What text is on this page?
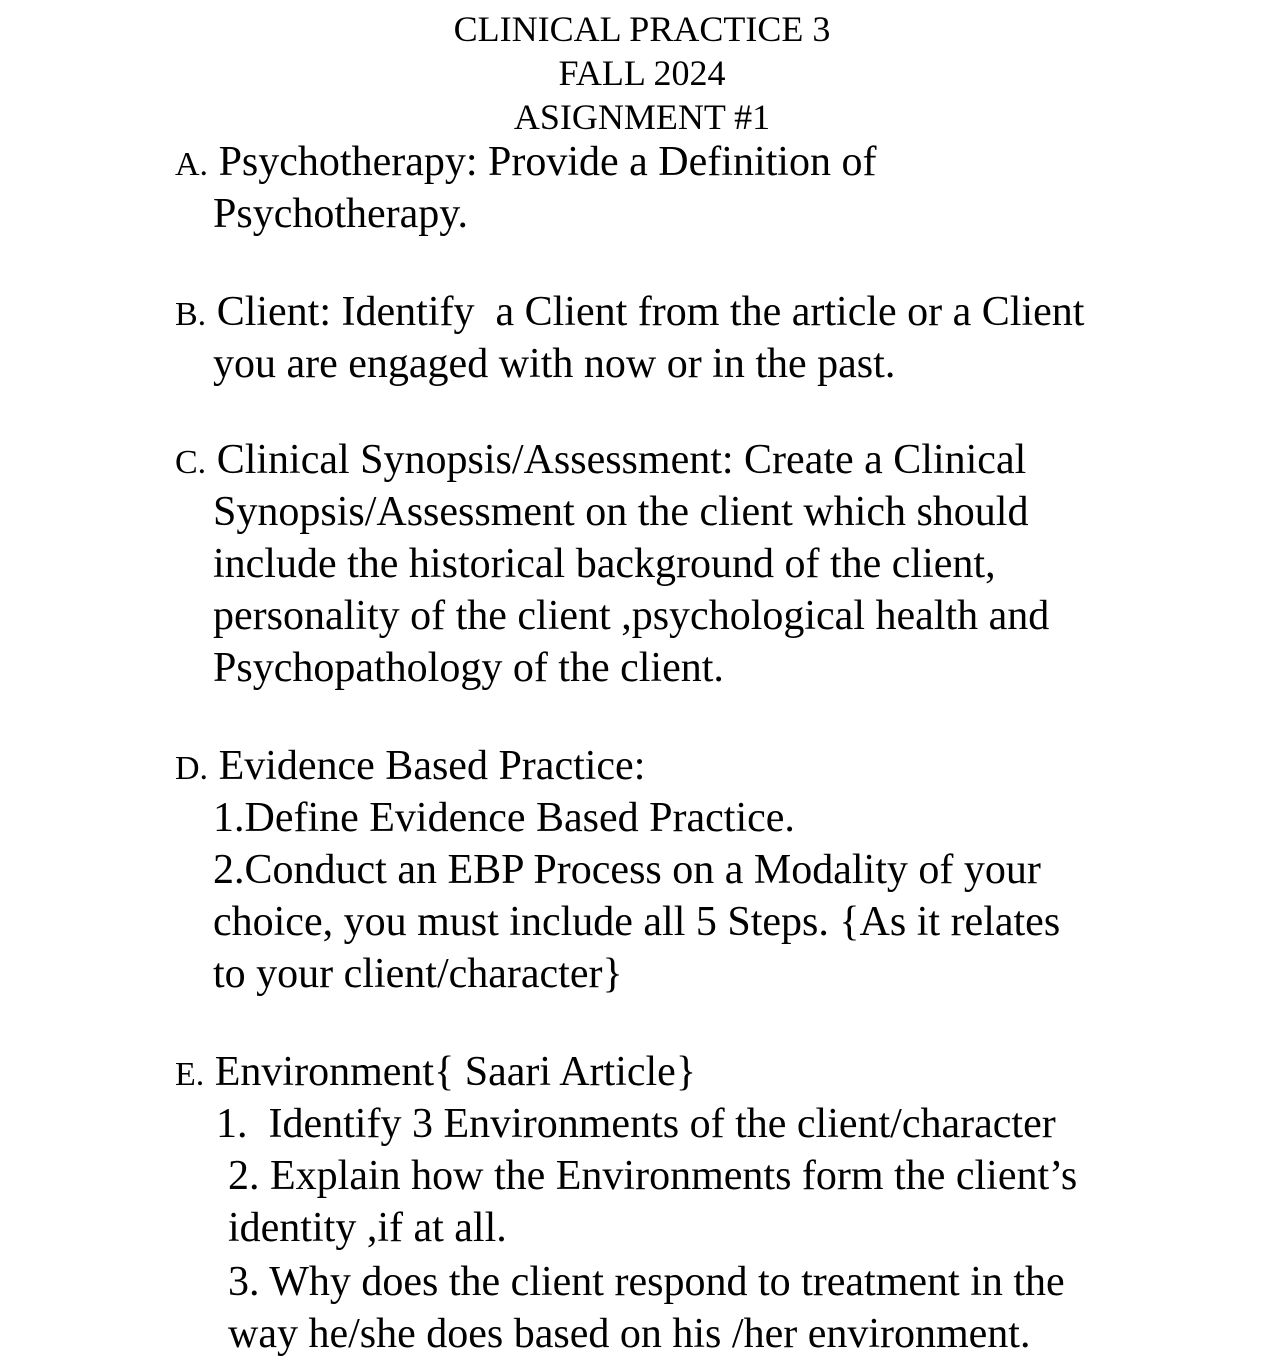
CLINICAL PRACTICE 3
FALL 2024
ASIGNMENT #1
A. Psychotherapy: Provide a Definition of
Psychotherapy.
B. Client: Identify  a Client from the article or a Client
you are engaged with now or in the past.
C. Clinical Synopsis/Assessment: Create a Clinical
Synopsis/Assessment on the client which should
include the historical background of the client,
personality of the client ,psychological health and
Psychopathology of the client.
D. Evidence Based Practice:
1.Define Evidence Based Practice.
2.Conduct an EBP Process on a Modality of your
choice, you must include all 5 Steps. {As it relates
to your client/character}
E. Environment{ Saari Article}
1.  Identify 3 Environments of the client/character
2. Explain how the Environments form the client’s
identity ,if at all.
3. Why does the client respond to treatment in the
way he/she does based on his /her environment.
